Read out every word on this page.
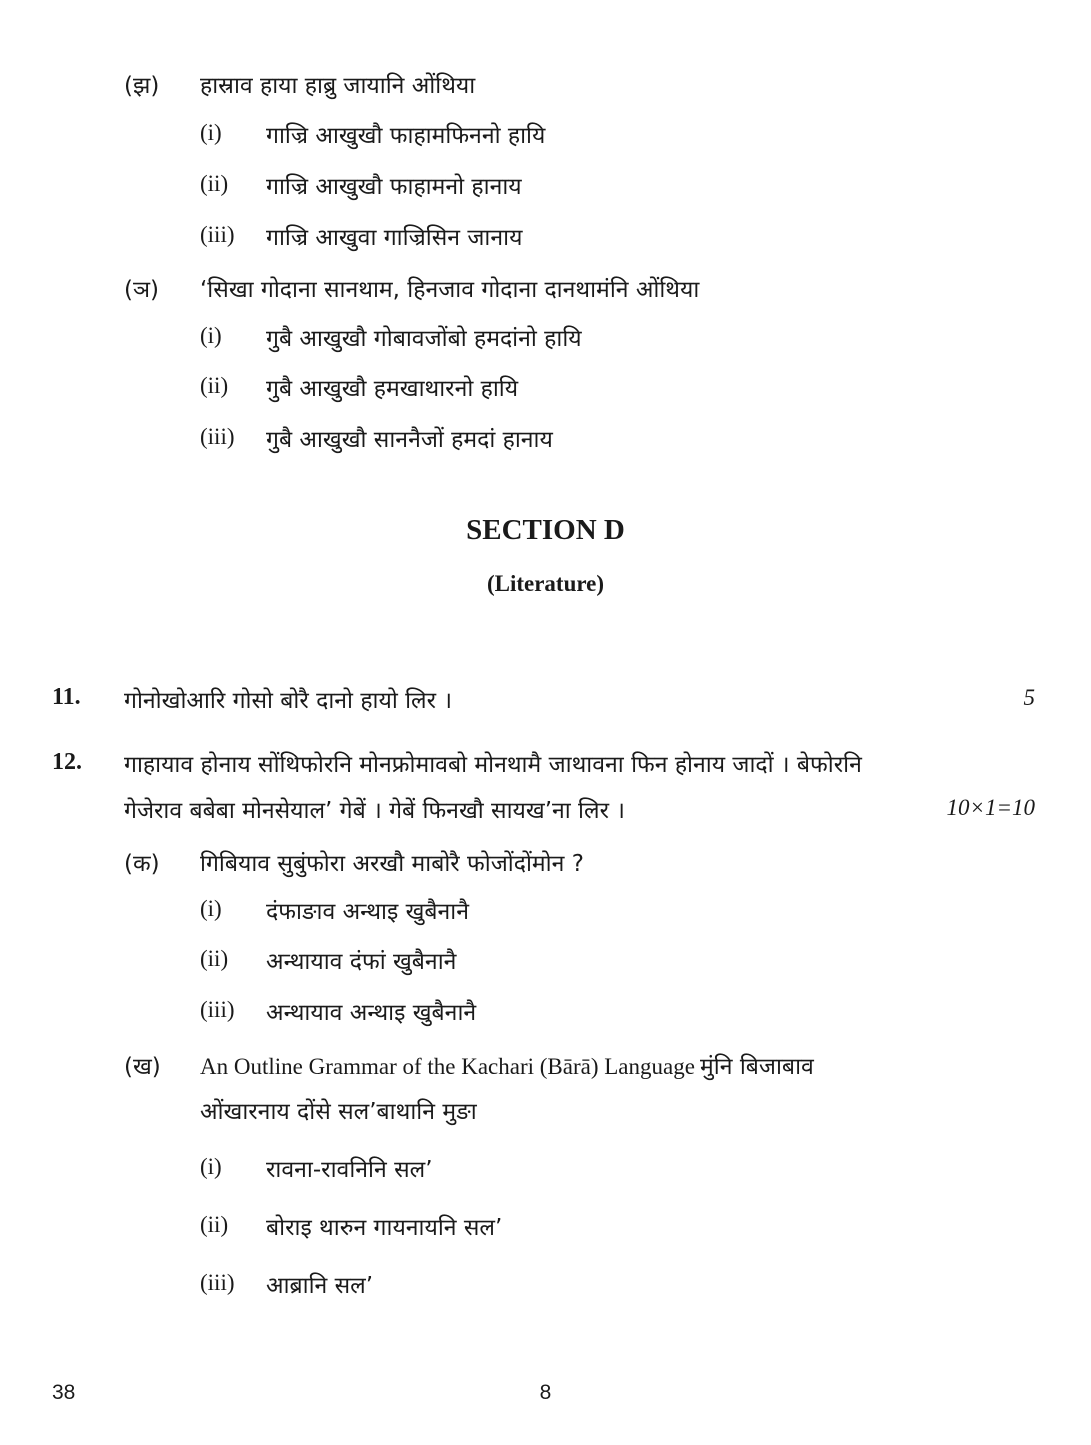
(झ) हास्राव हाया हाब्रु जायानि ओंथिया
(i) गाज्रि आखुखौ फाहामफिननो हायि
(ii) गाज्रि आखुखौ फाहामनो हानाय
(iii) गाज्रि आखुवा गाज्रिसिन जानाय
(ञ) ‘सिखा गोदाना सानथाम, हिनजाव गोदाना दानथामंनि ओंथिया
(i) गुबै आखुखौ गोबावजोंबो हमदांनो हायि
(ii) गुबै आखुखौ हमखाथारनो हायि
(iii) गुबै आखुखौ साननैजों हमदां हानाय
SECTION D
(Literature)
11. गोनोखोआरि गोसो बोरै दानो हायो लिर ।	5
12. गाहायाव होनाय सोंथिफोरनि मोनफ्रोमावबो मोनथामै जाथावना फिन होनाय जादों । बेफोरनि
गेजेराव बबेबा मोनसेयाल’ गेबें । गेबें फिनखौ सायख’ना लिर ।	10×1=10
(क) गिबियाव सुबुंफोरा अरखौ माबोरै फोजोंदोंमोन ?
(i) दंफाङाव अन्थाइ खुबैनानै
(ii) अन्थायाव दंफां खुबैनानै
(iii) अन्थायाव अन्थाइ खुबैनानै
(ख) An Outline Grammar of the Kachari (Bārā) Language मुंनि बिजाबाव
ओंखारनाय दोंसे सल’बाथानि मुङा
(i) रावना-रावनिनि सल’
(ii) बोराइ थारुन गायनायनि सल’
(iii) आब्रानि सल’
38	8
